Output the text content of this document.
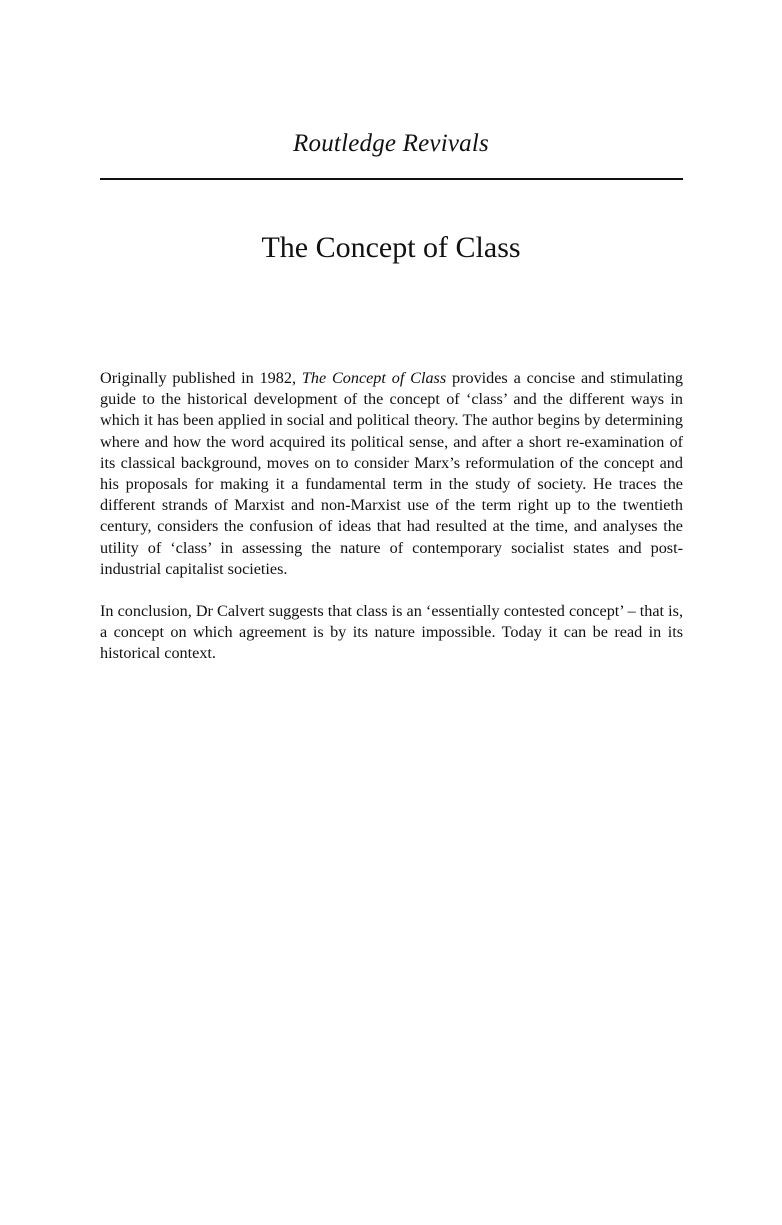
Routledge Revivals
The Concept of Class

Originally published in 1982, The Concept of Class provides a concise and stimulating guide to the historical development of the concept of ‘class’ and the different ways in which it has been applied in social and political theory. The author begins by determining where and how the word acquired its political sense, and after a short re-examination of its classical background, moves on to consider Marx’s reformulation of the concept and his proposals for making it a fundamental term in the study of society. He traces the different strands of Marxist and non-Marxist use of the term right up to the twentieth century, considers the confusion of ideas that had resulted at the time, and analyses the utility of ‘class’ in assessing the nature of contemporary socialist states and post-industrial capitalist societies.

In conclusion, Dr Calvert suggests that class is an ‘essentially contested concept’ – that is, a concept on which agreement is by its nature impossible. Today it can be read in its historical context.
